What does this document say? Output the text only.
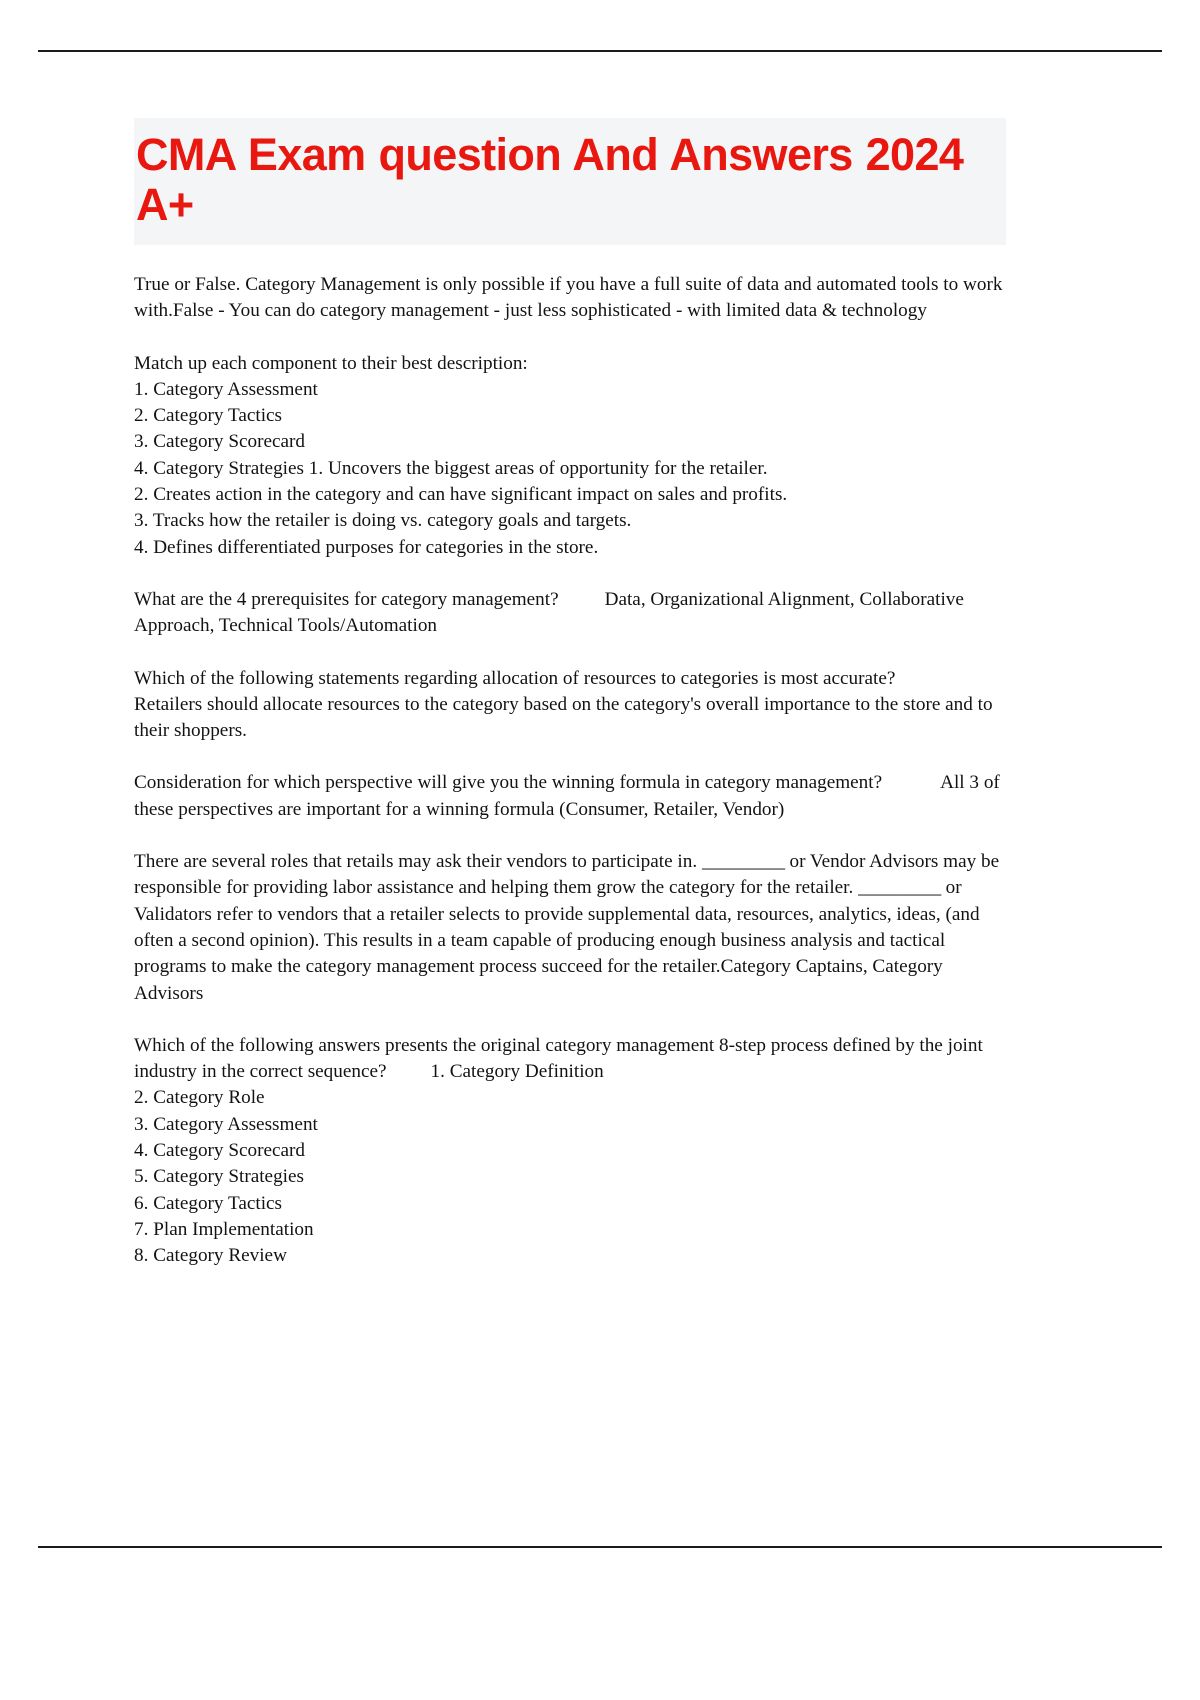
CMA Exam question And Answers 2024 A+

True or False. Category Management is only possible if you have a full suite of data and automated tools to work with.False - You can do category management - just less sophisticated - with limited data & technology

Match up each component to their best description:

1. Category Assessment

2. Category Tactics

3. Category Scorecard

4. Category Strategies 1. Uncovers the biggest areas of opportunity for the retailer.

2. Creates action in the category and can have significant impact on sales and profits.

3. Tracks how the retailer is doing vs. category goals and targets.

4. Defines differentiated purposes for categories in the store.

What are the 4 prerequisites for category management? Data, Organizational Alignment, Collaborative Approach, Technical Tools/Automation

Which of the following statements regarding allocation of resources to categories is most accurate?Retailers should allocate resources to the category based on the category's overall importance to the store and to their shoppers.

Consideration for which perspective will give you the winning formula in category management?	All 3 of these perspectives are important for a winning formula (Consumer, Retailer, Vendor)

There are several roles that retails may ask their vendors to participate in. _________ or Vendor Advisors may be responsible for providing labor assistance and helping them grow the category for the retailer. _________ or Validators refer to vendors that a retailer selects to provide supplemental data, resources, analytics, ideas, (and often a second opinion). This results in a team capable of producing enough business analysis and tactical programs to make the category management process succeed for the retailer.Category Captains, Category Advisors

Which of the following answers presents the original category management 8-step process defined by the joint industry in the correct sequence? 1. Category Definition

2. Category Role

3. Category Assessment

4. Category Scorecard

5. Category Strategies

6. Category Tactics

7. Plan Implementation

8. Category Review
